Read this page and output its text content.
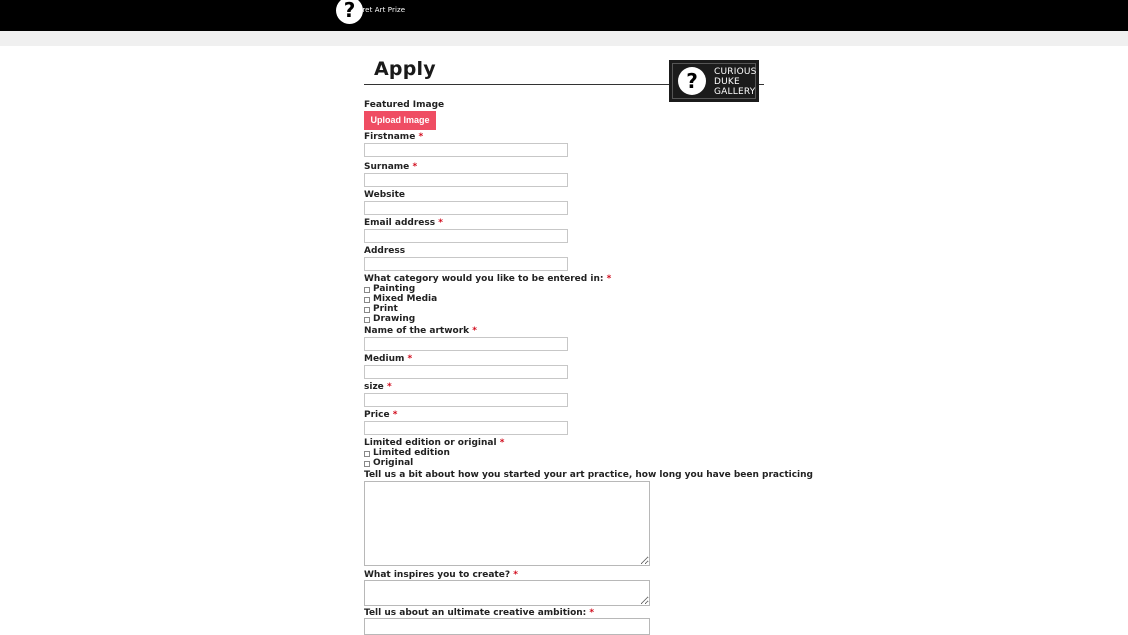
?
ecret Art Prize
Apply	?	CURIOUS
DUKE
GALLERY
Featured Image
Upload Image
Firstname *
Surname *
Website
Email address *
Address
What category would you like to be entered in: *
Painting
Mixed Media
Print
Drawing
Name of the artwork *
Medium *
size *
Price *
Limited edition or original *
Limited edition
Original
Tell us a bit about how you started your art practice, how long you have been practicing
What inspires you to create? *
Tell us about an ultimate creative ambition: *
